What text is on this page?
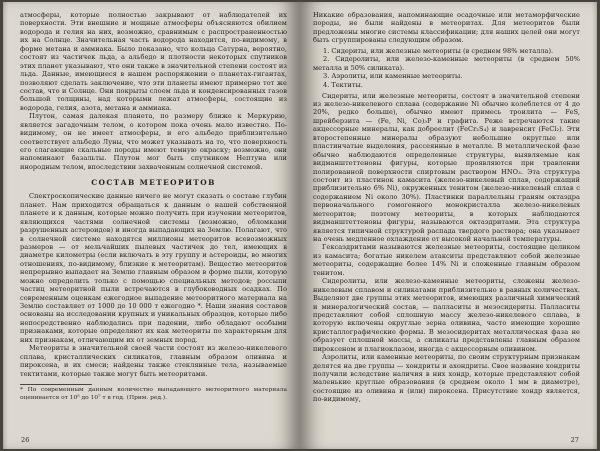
атмосферы, которые полностью закрывают от наблюдателей их поверхности. Эти внешние и мощные атмосферы объясняются обилием водорода и гелия на них, возможно, сравнимым с распространенностью их на Солнце. Значительная часть водорода находится, по-видимому, в форме метана и аммиака. Было показано, что кольца Сатурна, вероятно, состоят из частичек льда, а альбедо и плотности некоторых спутников этих планет указывают, что они также в значительной степени состоят из льда. Данные, имеющиеся в нашем распоряжении о планетах-гигантах, позволяют сделать заключение, что эти планеты имеют примерно тот же состав, что и Солнце. Они покрыты слоем льда и конденсированных газов большой толщины, над которыми лежат атмосферы, состоящие из водорода, гелия, азота, метана и аммиака.

Плутон, самая далекая планета, по размеру ближе к Меркурию, является загадочным телом, о котором пока очень мало известно. По-видимому, он не имеет атмосферы, и его альбедо приблизительно соответствует альбедо Луны, что может указывать на то, что поверхность его слагающие скальные породы имеют темную окраску; возможно, они напоминают базальты. Плутон мог быть спутником Нептуна или инородным телом, впоследствии захваченным солнечной системой.

СОСТАВ МЕТЕОРИТОВ

Спектроскопические данные ничего не могут сказать о составе глубин планет. Нам приходится обращаться к данным о нашей собственной планете и к данным, которые можно получить при изучении метеоритов, являющихся частями солнечной системы (возможно, обломками разрушенных астероидов) и иногда выпадающих на Землю. Полагают, что в солнечной системе находятся миллионы метеоритов всевозможных размеров — от мельчайших пылевых частичек до тел, имеющих в диаметре километры (если включать в эту группу и астероиды, во многих отношениях, по-видимому, близкие к метеоритам). Вещество метеоритов непрерывно выпадает на Землю главным образом в форме пыли, которую можно определить только с помощью специальных методов; россыпи частиц метеоритной пыли встречаются в глубоководных осадках. По современным оценкам ежегодное выпадение метеоритного материала на Землю составляет от 1000 до 10 000 т ежегодно *. Наши знания составов основаны на исследовании крупных и уникальных образцов, которые либо непосредственно наблюдались при падении, либо обладают особыми признаками, которые определяют их как метеориты по характерным для них признакам, отличающим их от земных пород.

Метеориты в значительной своей части состоят из железо-никелевого сплава, кристаллических силикатов, главным образом оливина и пироксена, и их смеси; найдены также стеклянные тела, называемые тектитами, которые также могут быть метеоритами.

* По современным данным количество выпадающего метеоритного материала оценивается от 10⁵ до 10⁷ т в год. (Прим. ред.).

26

Никакие образования, напоминающие осадочные или метаморфические породы, не были найдены в метеоритах. Для метеоритов были предложены многие системы классификации; для наших целей они могут быть сгруппированы следующим образом.

1. Сидериты, или железные метеориты (в среднем 98% металла).

2. Сидеролиты, или железо-каменные метеориты (в среднем 50% металла и 50% силиката).

3. Аэролиты, или каменные метеориты.

4. Тектиты.

Сидериты, или железные метеориты, состоят в значительной степени из железо-никелевого сплава (содержание Ni обычно колеблется от 4 до 20%, редко больше), обычно имеют примесь троилита — FeS, шрейберзита — (Fe, Ni, Co)₃P и графита. Реже встречаются такие акцессорные минералы, как добреелит (FeCr₂S₄) и лавренсит (FeCl₂). Эти второстепенные минералы образуют небольшие округлые или пластинчатые выделения, рассеянные в металле. В металлической фазе обычно наблюдаются определенные структуры, выявляемые как видманштеттеновы фигуры, которые проявляются при травлении полированной поверхности спиртовым раствором HNO₃. Эта структура состоит из пластинок камасита (железо-никелевый сплав, содержащий приблизительно 6% Ni), окруженных тенитом (железо-никелевый сплав с содержанием Ni около 30%). Пластинки параллельны граням октаэдра первоначального гомогенного монокристалла железо-никелевых метеоритов; поэтому метеориты, в которых наблюдаются видманштеттеновы фигуры, называются октаэдритами. Эта структура является типичной структурой распада твердого раствора; она указывает на очень медленное охлаждение от высокой начальной температуры.

Гексаэдритами называются железные метеориты, состоящие целиком из камасита; богатые никелем атакситы представляют собой железные метеориты, содержащие более 14% Ni и сложенные главным образом тенитом.

Сидеролиты, или железо-каменные метеориты, сложены железо-никелевым сплавом и силикатами приблизительно в равных количествах. Выделяют две группы этих метеоритов, имеющих различный химический и минералогический состав, — палласиты и мезосидериты. Палласиты представляют собой сплошную массу железо-никелевого сплава, в которую включены округлые зерна оливина, часто имеющие хорошие кристаллографические формы. В мезосидеритах металлическая фаза не образует сплошной массы, а силикаты представлены главным образом пироксеном и плагиоклазом, иногда с акцессорным оливином.

Аэролиты, или каменные метеориты, по своим структурным признакам делятся на две группы — хондриты и ахондриты. Свое название хондриты получили вследствие наличия в них хондр, которые представляют собой маленькие круглые образования (в среднем около 1 мм в диаметре), состоящие из оливина и (или) пироксена. Присутствие хондр является, по-видимому,

27
